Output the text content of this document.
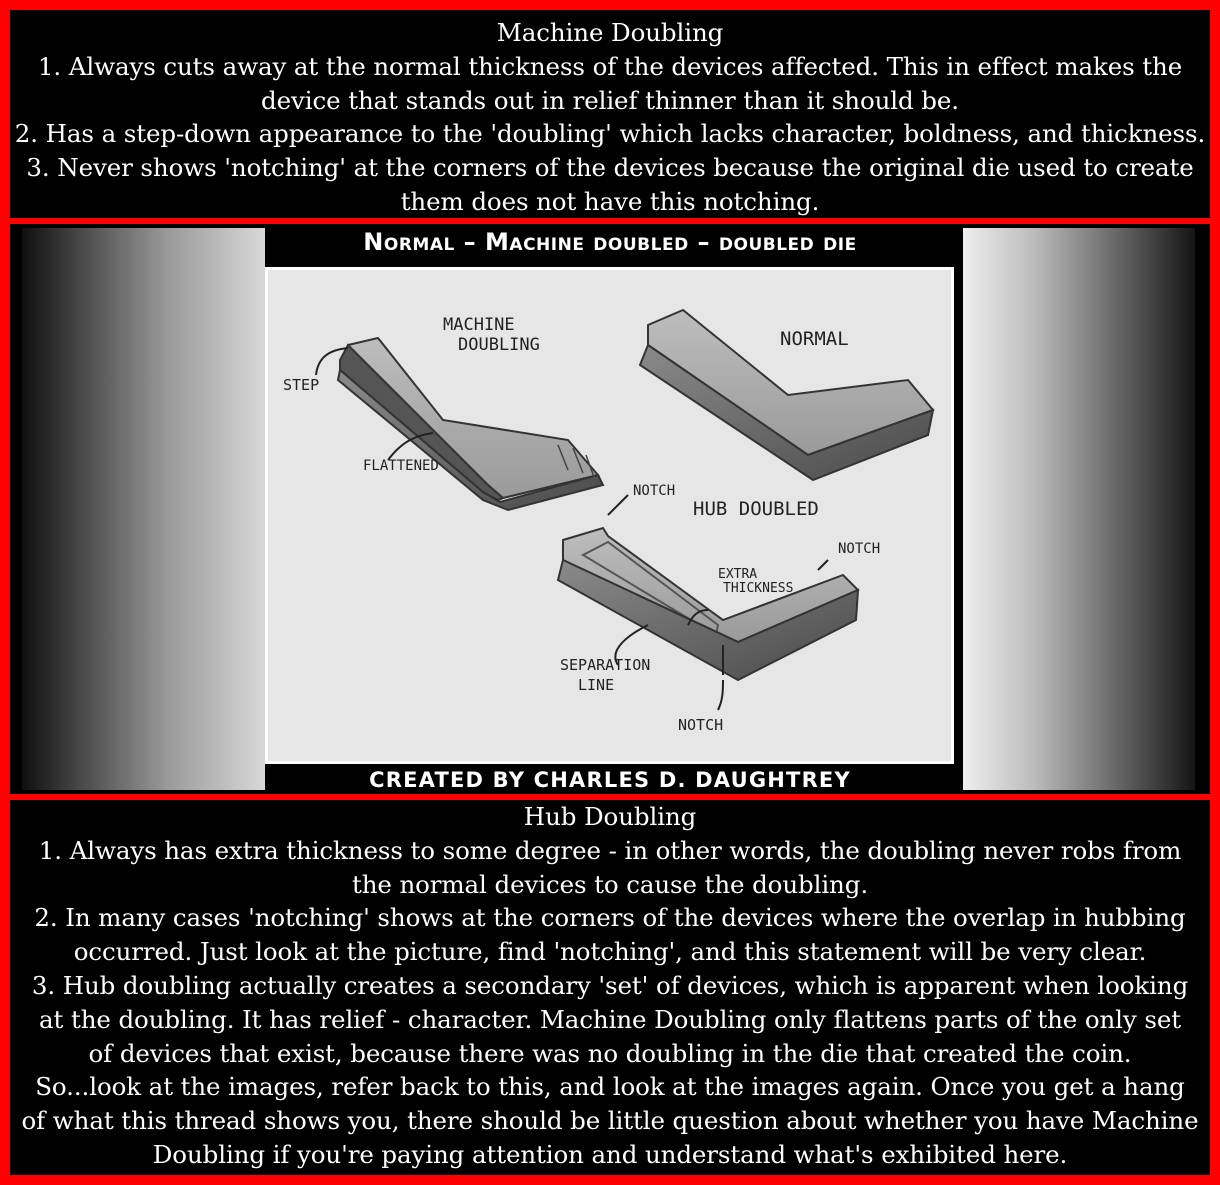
Machine Doubling

1. Always cuts away at the normal thickness of the devices affected. This in effect makes the

device that stands out in relief thinner than it should be.

2. Has a step-down appearance to the 'doubling' which lacks character, boldness, and thickness.

3. Never shows 'notching' at the corners of the devices because the original die used to create

them does not have this notching.

Normal – Machine doubled – doubled die
MACHINE
DOUBLING
STEP
FLATTENED
NORMAL
NOTCH
HUB DOUBLED
EXTRA
THICKNESS
NOTCH
SEPARATION
LINE
NOTCH
CREATED BY CHARLES D. DAUGHTREY

Hub Doubling

1. Always has extra thickness to some degree - in other words, the doubling never robs from

the normal devices to cause the doubling.

2. In many cases 'notching' shows at the corners of the devices where the overlap in hubbing

occurred. Just look at the picture, find 'notching', and this statement will be very clear.

3. Hub doubling actually creates a secondary 'set' of devices, which is apparent when looking

at the doubling. It has relief - character. Machine Doubling only flattens parts of the only set

of devices that exist, because there was no doubling in the die that created the coin.

So...look at the images, refer back to this, and look at the images again. Once you get a hang

of what this thread shows you, there should be little question about whether you have Machine

Doubling if you're paying attention and understand what's exhibited here.
